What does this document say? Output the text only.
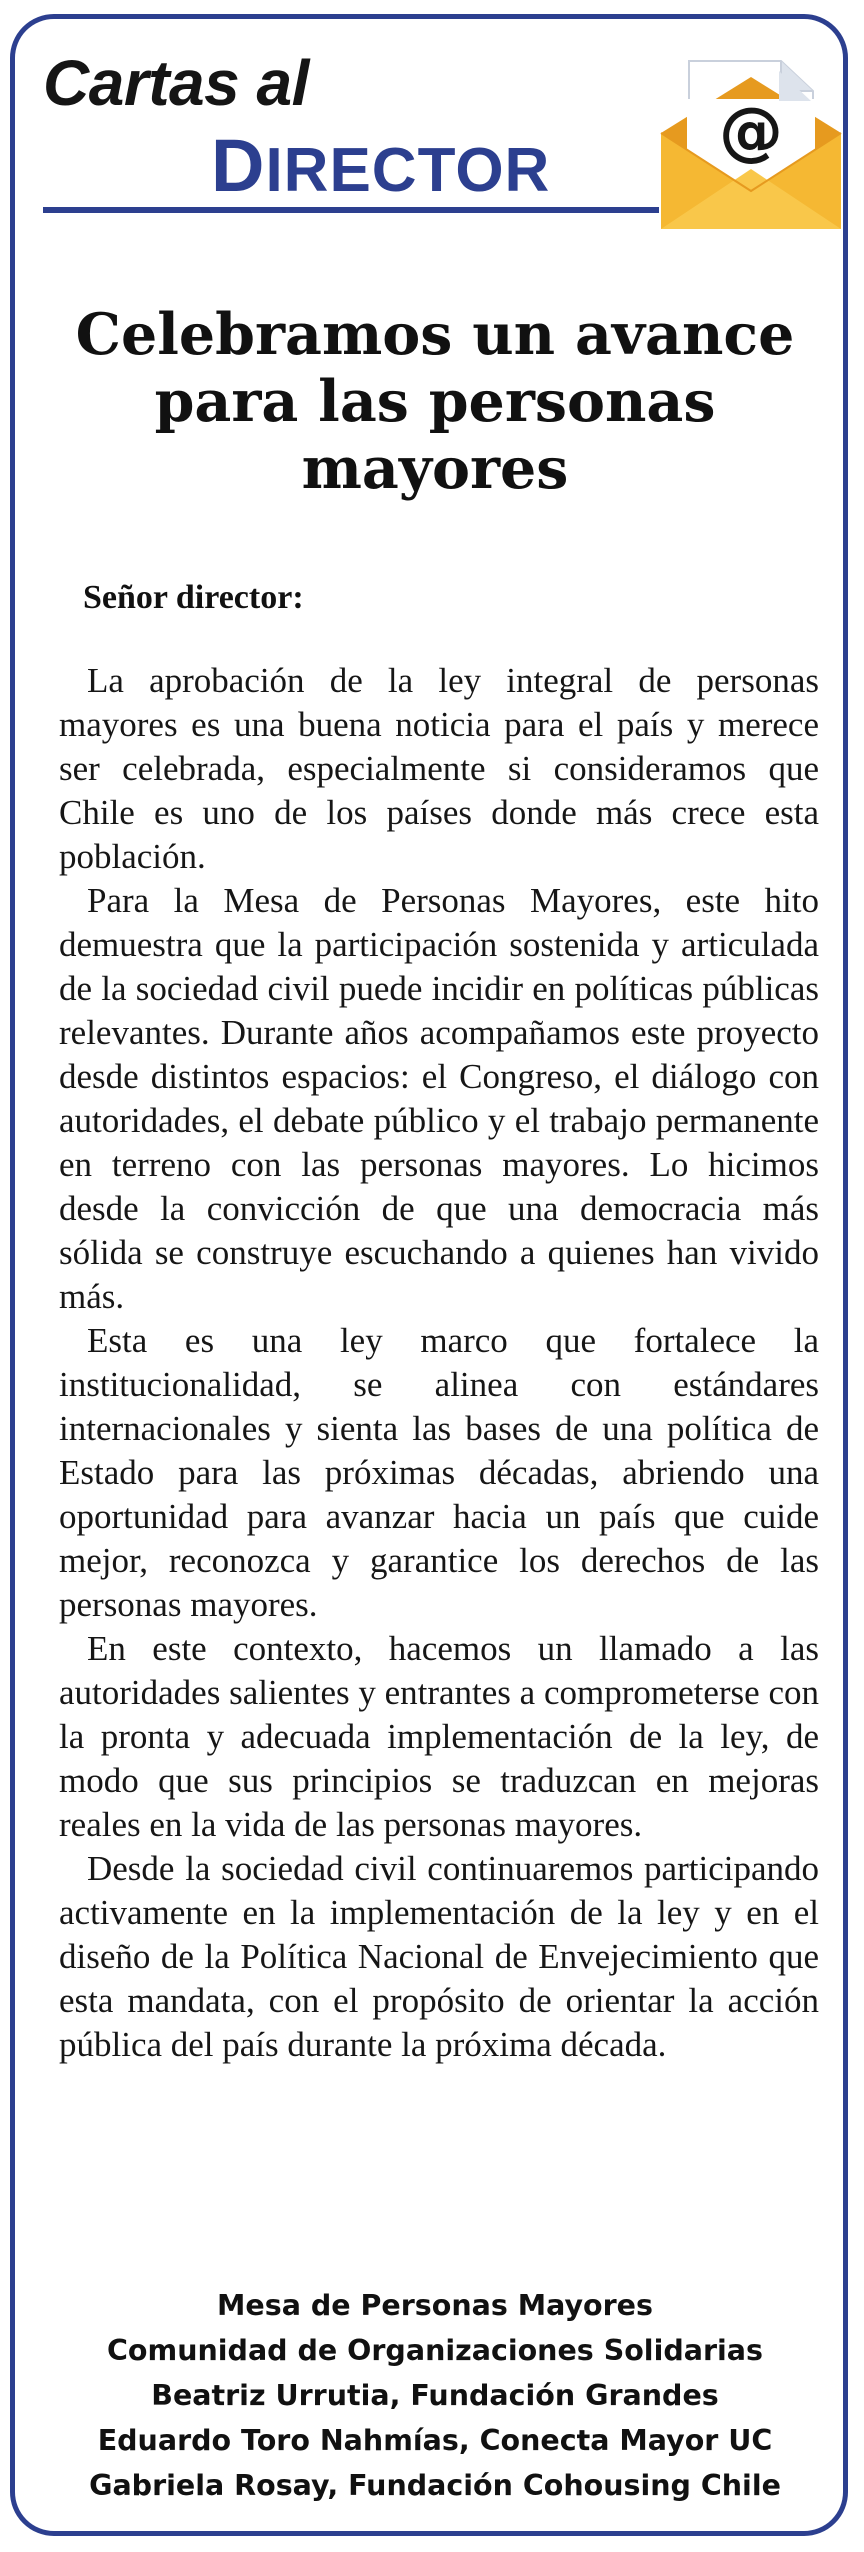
Cartas al
DIRECTOR
@
Celebramos un avance para las personas mayores

Señor director:

La aprobación de la ley integral de personas mayores es una buena noticia para el país y merece ser celebrada, especialmente si consideramos que Chile es uno de los países donde más crece esta población.

Para la Mesa de Personas Mayores, este hito demuestra que la participación sostenida y articulada de la sociedad civil puede incidir en políticas públicas relevantes. Durante años acompañamos este proyecto desde distintos espacios: el Congreso, el diálogo con autoridades, el debate público y el trabajo permanente en terreno con las personas mayores. Lo hicimos desde la convicción de que una democracia más sólida se construye escuchando a quienes han vivido más.

Esta es una ley marco que fortalece la institucionalidad, se alinea con estándares internacionales y sienta las bases de una política de Estado para las próximas décadas, abriendo una oportunidad para avanzar hacia un país que cuide mejor, reconozca y garantice los derechos de las personas mayores.

En este contexto, hacemos un llamado a las autoridades salientes y entrantes a comprometerse con la pronta y adecuada implementación de la ley, de modo que sus principios se traduzcan en mejoras reales en la vida de las personas mayores.

Desde la sociedad civil continuaremos participando activamente en la implementación de la ley y en el diseño de la Política Nacional de Envejecimiento que esta mandata, con el propósito de orientar la acción pública del país durante la próxima década.

Mesa de Personas Mayores
Comunidad de Organizaciones Solidarias
Beatriz Urrutia, Fundación Grandes
Eduardo Toro Nahmías, Conecta Mayor UC
Gabriela Rosay, Fundación Cohousing Chile
